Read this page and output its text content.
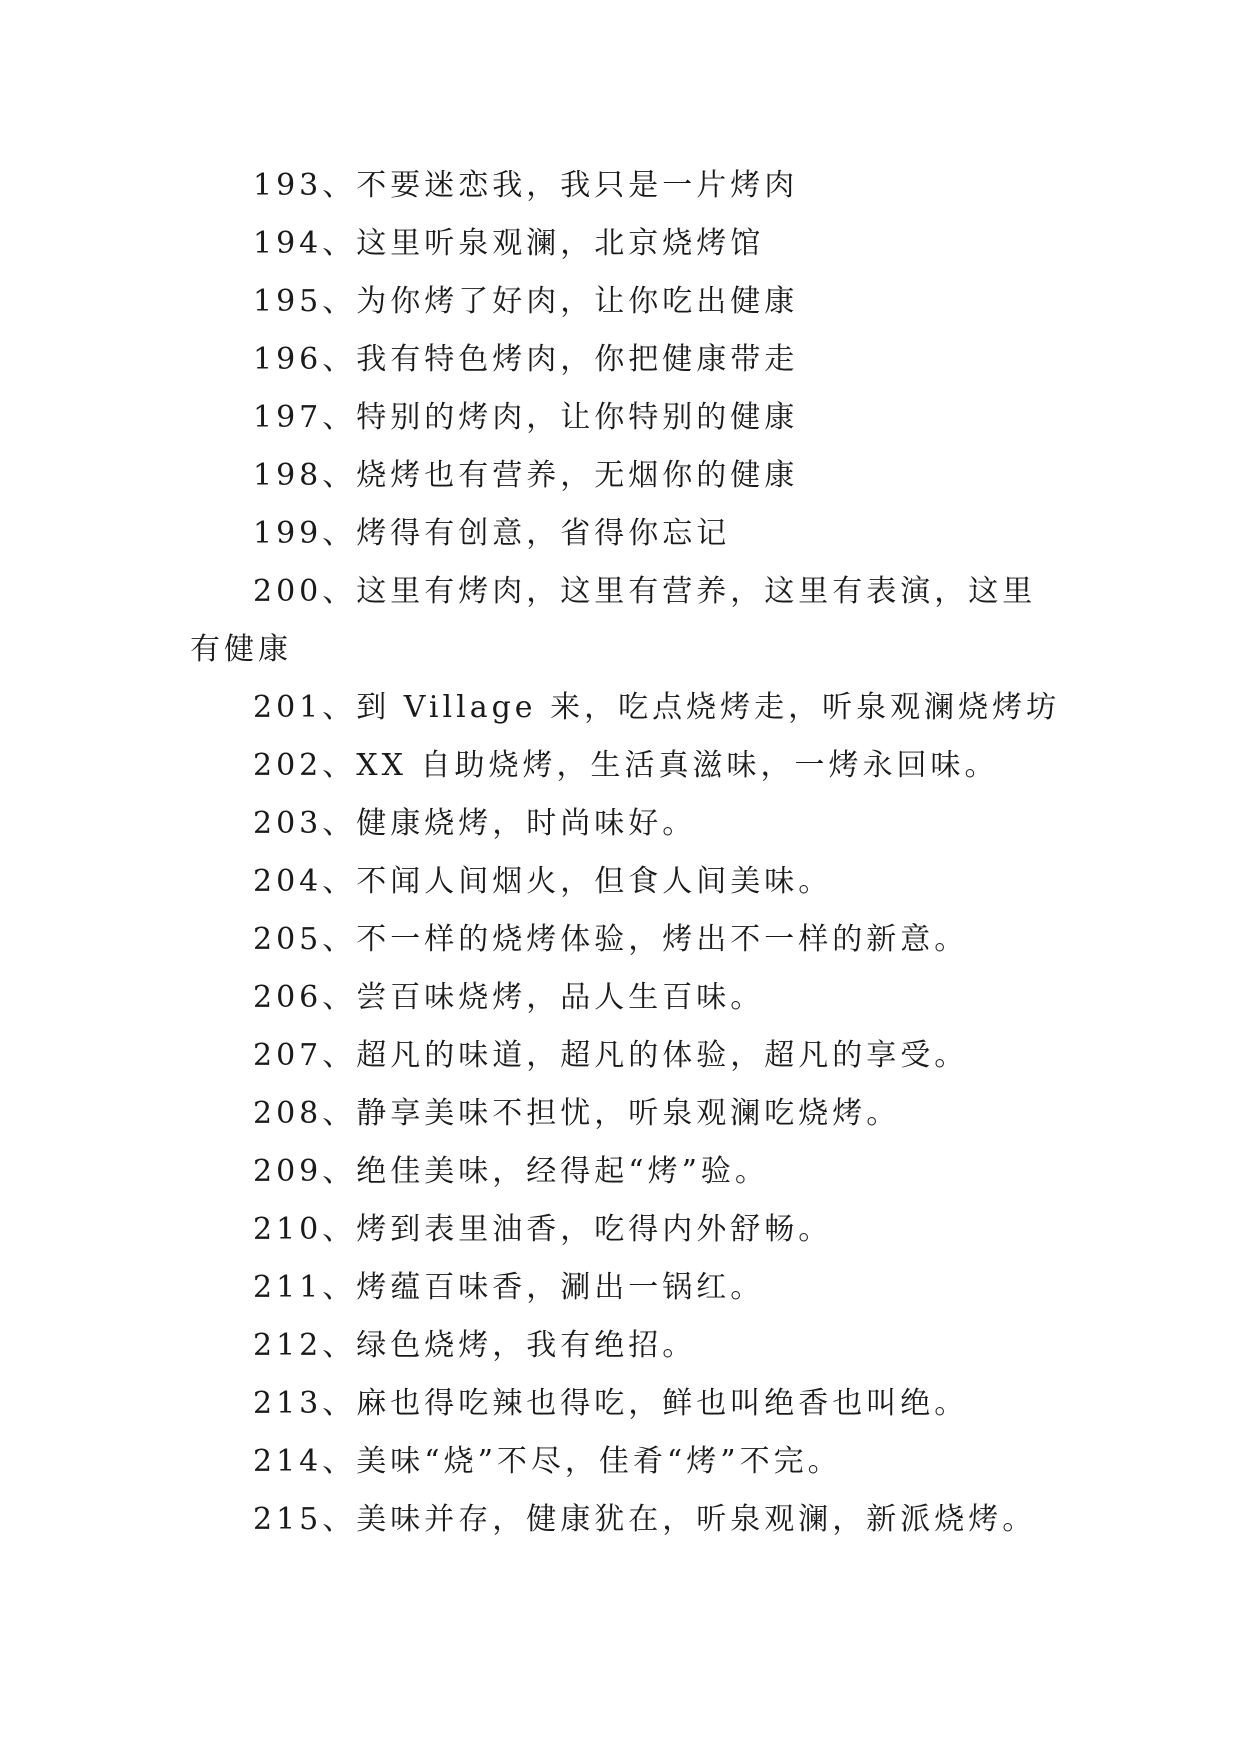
193、不要迷恋我，我只是一片烤肉

194、这里听泉观澜，北京烧烤馆

195、为你烤了好肉，让你吃出健康

196、我有特色烤肉，你把健康带走

197、特别的烤肉，让你特别的健康

198、烧烤也有营养，无烟你的健康

199、烤得有创意，省得你忘记

200、这里有烤肉，这里有营养，这里有表演，这里有健康

201、到 Village 来，吃点烧烤走，听泉观澜烧烤坊

202、XX 自助烧烤，生活真滋味，一烤永回味。

203、健康烧烤，时尚味好。

204、不闻人间烟火，但食人间美味。

205、不一样的烧烤体验，烤出不一样的新意。

206、尝百味烧烤，品人生百味。

207、超凡的味道，超凡的体验，超凡的享受。

208、静享美味不担忧，听泉观澜吃烧烤。

209、绝佳美味，经得起“烤”验。

210、烤到表里油香，吃得内外舒畅。

211、烤蕴百味香，涮出一锅红。

212、绿色烧烤，我有绝招。

213、麻也得吃辣也得吃，鲜也叫绝香也叫绝。

214、美味“烧”不尽，佳肴“烤”不完。

215、美味并存，健康犹在，听泉观澜，新派烧烤。
